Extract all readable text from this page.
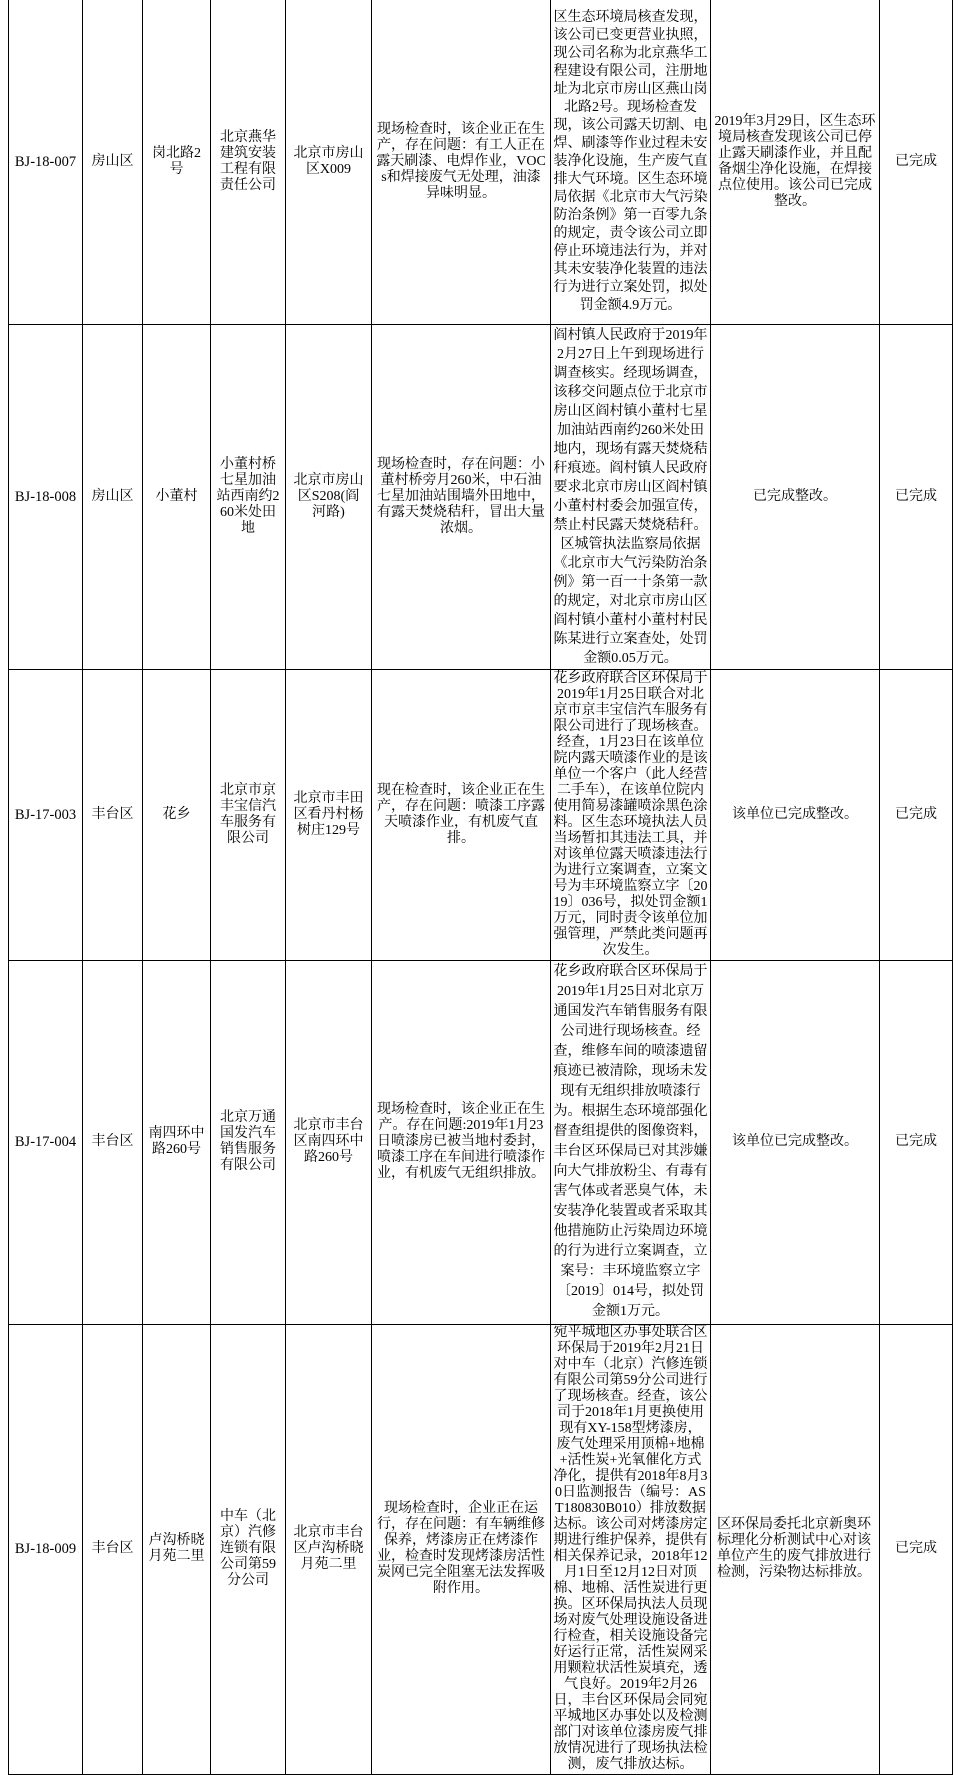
BJ-18-007	房山区	岗北路2号	北京燕华建筑安装工程有限责任公司	北京市房山区X009	现场检查时，该企业正在生产，存在问题：有工人正在露天刷漆、电焊作业，VOCs和焊接废气无处理，油漆异味明显。	区生态环境局核查发现，该公司已变更营业执照，现公司名称为北京燕华工程建设有限公司，注册地址为北京市房山区燕山岗北路2号。现场检查发现，该公司露天切割、电焊、刷漆等作业过程未安装净化设施，生产废气直排大气环境。区生态环境局依据《北京市大气污染防治条例》第一百零九条的规定，责令该公司立即停止环境违法行为，并对其未安装净化装置的违法行为进行立案处罚，拟处罚金额4.9万元。	2019年3月29日，区生态环境局核查发现该公司已停止露天刷漆作业，并且配备烟尘净化设施，在焊接点位使用。该公司已完成整改。	已完成
BJ-18-008	房山区	小董村	小董村桥七星加油站西南约260米处田地	北京市房山区S208(阎河路)	现场检查时，存在问题：小董村桥旁月260米，中石油七星加油站围墙外田地中，有露天焚烧秸秆，冒出大量浓烟。	阎村镇人民政府于2019年2月27日上午到现场进行调查核实。经现场调查，该移交问题点位于北京市房山区阎村镇小董村七星加油站西南约260米处田地内，现场有露天焚烧秸秆痕迹。阎村镇人民政府要求北京市房山区阎村镇小董村村委会加强宣传，禁止村民露天焚烧秸秆。区城管执法监察局依据《北京市大气污染防治条例》第一百一十条第一款的规定，对北京市房山区阎村镇小董村小董村村民陈某进行立案查处，处罚金额0.05万元。	已完成整改。	已完成
BJ-17-003	丰台区	花乡	北京市京丰宝信汽车服务有限公司	北京市丰田区看丹村杨树庄129号	现在检查时，该企业正在生产，存在问题：喷漆工序露天喷漆作业，有机废气直排。	花乡政府联合区环保局于2019年1月25日联合对北京市京丰宝信汽车服务有限公司进行了现场核查。经查，1月23日在该单位院内露天喷漆作业的是该单位一个客户（此人经营二手车），在该单位院内使用简易漆罐喷涂黑色涂料。区生态环境执法人员当场暂扣其违法工具，并对该单位露天喷漆违法行为进行立案调查，立案文号为丰环境监察立字〔2019〕036号，拟处罚金额1万元，同时责令该单位加强管理，严禁此类问题再次发生。	该单位已完成整改。	已完成
BJ-17-004	丰台区	南四环中路260号	北京万通国发汽车销售服务有限公司	北京市丰台区南四环中路260号	现场检查时，该企业正在生产。存在问题:2019年1月23日喷漆房已被当地村委封，喷漆工序在车间进行喷漆作业，有机废气无组织排放。	花乡政府联合区环保局于2019年1月25日对北京万通国发汽车销售服务有限公司进行现场核查。经查，维修车间的喷漆遗留痕迹已被清除，现场未发现有无组织排放喷漆行为。根据生态环境部强化督查组提供的图像资料，丰台区环保局已对其涉嫌向大气排放粉尘、有毒有害气体或者恶臭气体，未安装净化装置或者采取其他措施防止污染周边环境的行为进行立案调查，立案号：丰环境监察立字〔2019〕014号，拟处罚金额1万元。	该单位已完成整改。	已完成
BJ-18-009	丰台区	卢沟桥晓月苑二里	中车（北京）汽修连锁有限公司第59分公司	北京市丰台区卢沟桥晓月苑二里	现场检查时，企业正在运行，存在问题：有车辆维修保养，烤漆房正在烤漆作业，检查时发现烤漆房活性炭网已完全阻塞无法发挥吸附作用。	宛平城地区办事处联合区环保局于2019年2月21日对中车（北京）汽修连锁有限公司第59分公司进行了现场核查。经查，该公司于2018年1月更换使用现有XY-158型烤漆房，废气处理采用顶棉+地棉+活性炭+光氧催化方式净化，提供有2018年8月30日监测报告（编号：AST180830B010）排放数据达标。该公司对烤漆房定期进行维护保养，提供有相关保养记录，2018年12月1日至12月12日对顶棉、地棉、活性炭进行更换。区环保局执法人员现场对废气处理设施设备进行检查，相关设施设备完好运行正常，活性炭网采用颗粒状活性炭填充，透气良好。2019年2月26日，丰台区环保局会同宛平城地区办事处以及检测部门对该单位漆房废气排放情况进行了现场执法检测，废气排放达标。	区环保局委托北京新奥环标理化分析测试中心对该单位产生的废气排放进行检测，污染物达标排放。	已完成
